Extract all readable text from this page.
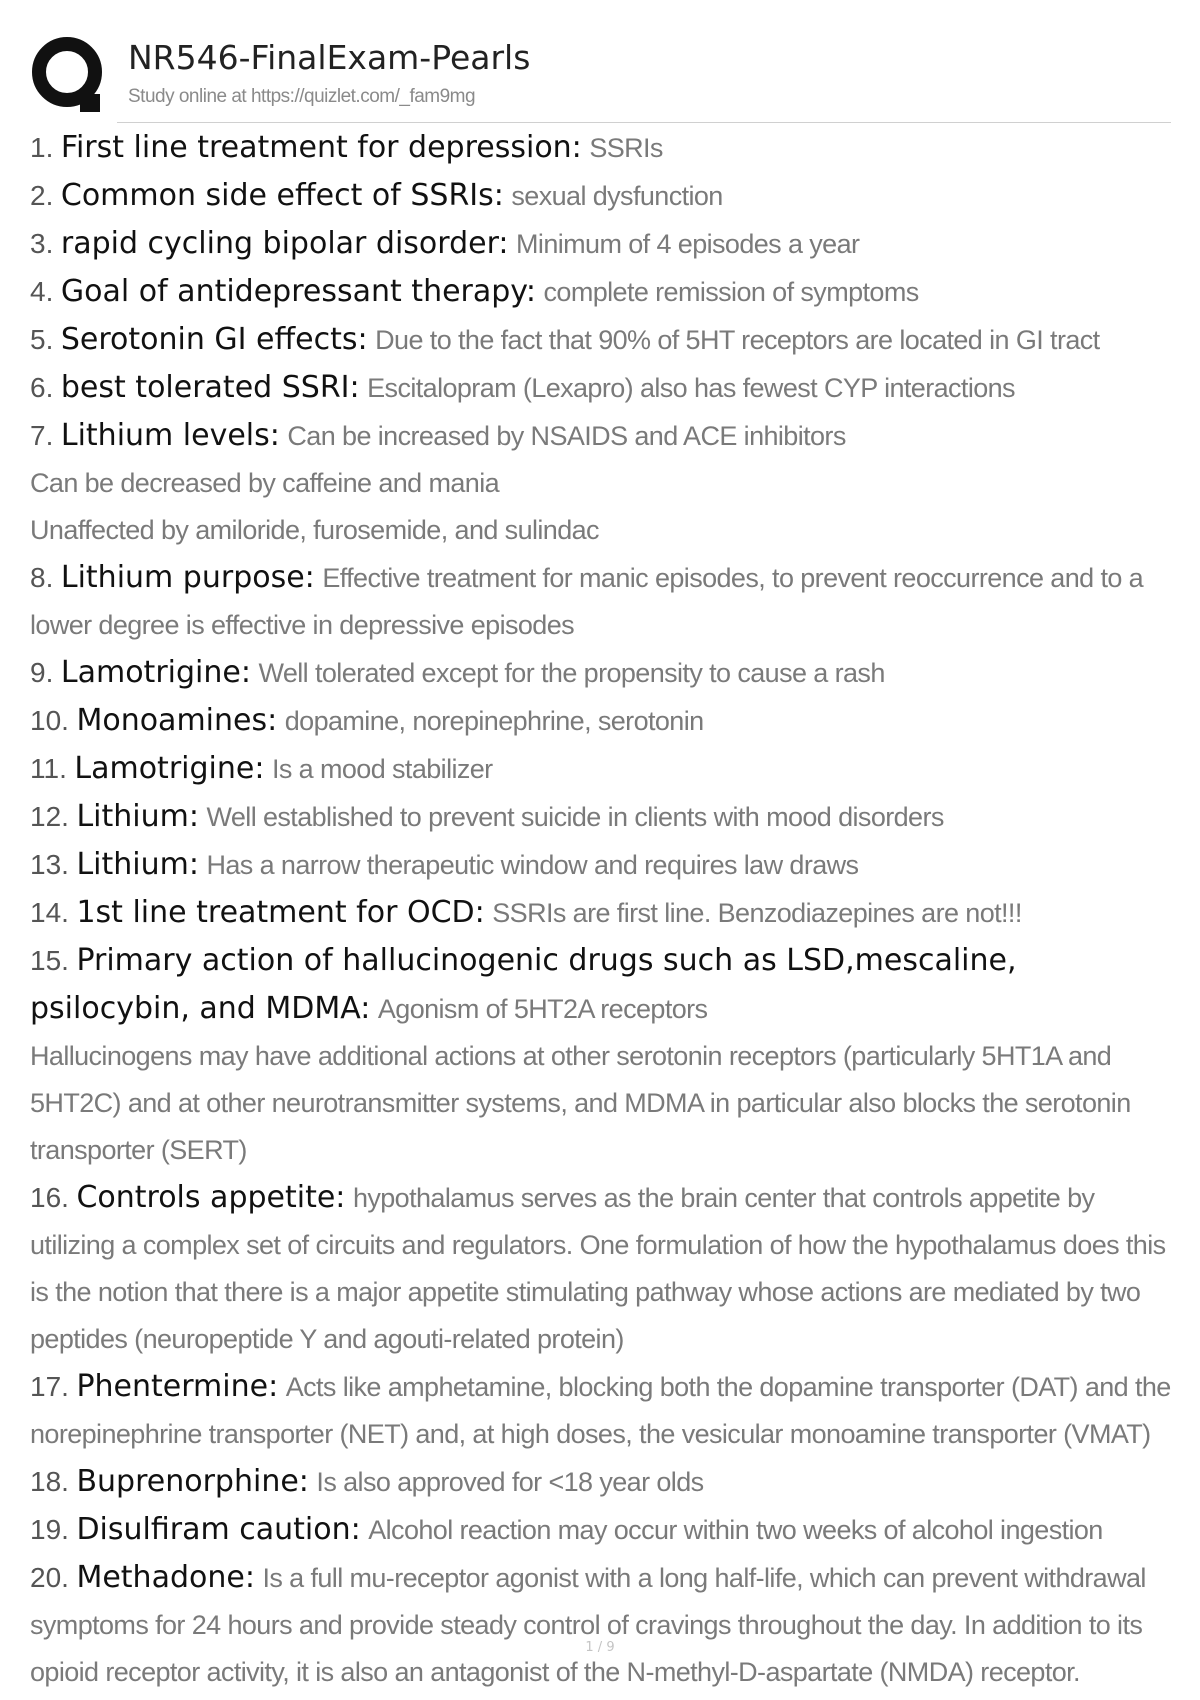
NR546-FinalExam-Pearls
Study online at https://quizlet.com/_fam9mg

1. First line treatment for depression: SSRIs

2. Common side effect of SSRIs: sexual dysfunction

3. rapid cycling bipolar disorder: Minimum of 4 episodes a year

4. Goal of antidepressant therapy: complete remission of symptoms

5. Serotonin GI effects: Due to the fact that 90% of 5HT receptors are located in GI tract

6. best tolerated SSRI: Escitalopram (Lexapro) also has fewest CYP interactions

7. Lithium levels: Can be increased by NSAIDS and ACE inhibitors
Can be decreased by caffeine and mania
Unaffected by amiloride, furosemide, and sulindac

8. Lithium purpose: Effective treatment for manic episodes, to prevent reoccurrence and to a lower degree is effective in depressive episodes

9. Lamotrigine: Well tolerated except for the propensity to cause a rash

10. Monoamines: dopamine, norepinephrine, serotonin

11. Lamotrigine: Is a mood stabilizer

12. Lithium: Well established to prevent suicide in clients with mood disorders

13. Lithium: Has a narrow therapeutic window and requires law draws

14. 1st line treatment for OCD: SSRIs are first line. Benzodiazepines are not!!!

15. Primary action of hallucinogenic drugs such as LSD,mescaline, psilocybin, and MDMA: Agonism of 5HT2A receptors
Hallucinogens may have additional actions at other serotonin receptors (particularly 5HT1A and 5HT2C) and at other neurotransmitter systems, and MDMA in particular also blocks the serotonin transporter (SERT)

16. Controls appetite: hypothalamus serves as the brain center that controls appetite by utilizing a complex set of circuits and regulators. One formulation of how the hypothalamus does this is the notion that there is a major appetite stimulating pathway whose actions are mediated by two peptides (neuropeptide Y and agouti-related protein)

17. Phentermine: Acts like amphetamine, blocking both the dopamine transporter (DAT) and the norepinephrine transporter (NET) and, at high doses, the vesicular monoamine transporter (VMAT)

18. Buprenorphine: Is also approved for <18 year olds

19. Disulfiram caution: Alcohol reaction may occur within two weeks of alcohol ingestion

20. Methadone: Is a full mu-receptor agonist with a long half-life, which can prevent withdrawal symptoms for 24 hours and provide steady control of cravings throughout the day. In addition to its opioid receptor activity, it is also an antagonist of the N-methyl-D-aspartate (NMDA) receptor.

1 / 9
